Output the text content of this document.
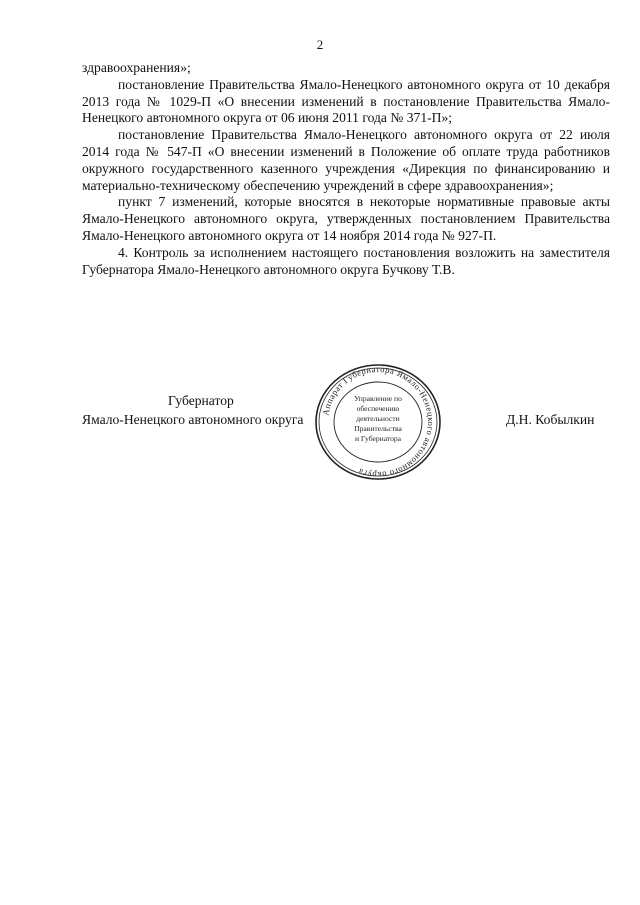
2

здравоохранения»;

постановление Правительства Ямало-Ненецкого автономного округа от 10 декабря 2013 года № 1029-П «О внесении изменений в постановление Правительства Ямало-Ненецкого автономного округа от 06 июня 2011 года № 371-П»;

постановление Правительства Ямало-Ненецкого автономного округа от 22 июля 2014 года № 547-П «О внесении изменений в Положение об оплате труда работников окружного государственного казенного учреждения «Дирекция по финансированию и материально-техническому обеспечению учреждений в сфере здравоохранения»;

пункт 7 изменений, которые вносятся в некоторые нормативные правовые акты Ямало-Ненецкого автономного округа, утвержденных постановлением Правительства Ямало-Ненецкого автономного округа от 14 ноября 2014 года № 927-П.

4. Контроль за исполнением настоящего постановления возложить на заместителя Губернатора Ямало-Ненецкого автономного округа Бучкову Т.В.

Губернатор
Ямало-Ненецкого автономного округа	Д.Н. Кобылкин
Аппарат Губернатора Ямало-Ненецкого автономного округа
Управление по
обеспечению
деятельности
Правительства
и Губернатора
